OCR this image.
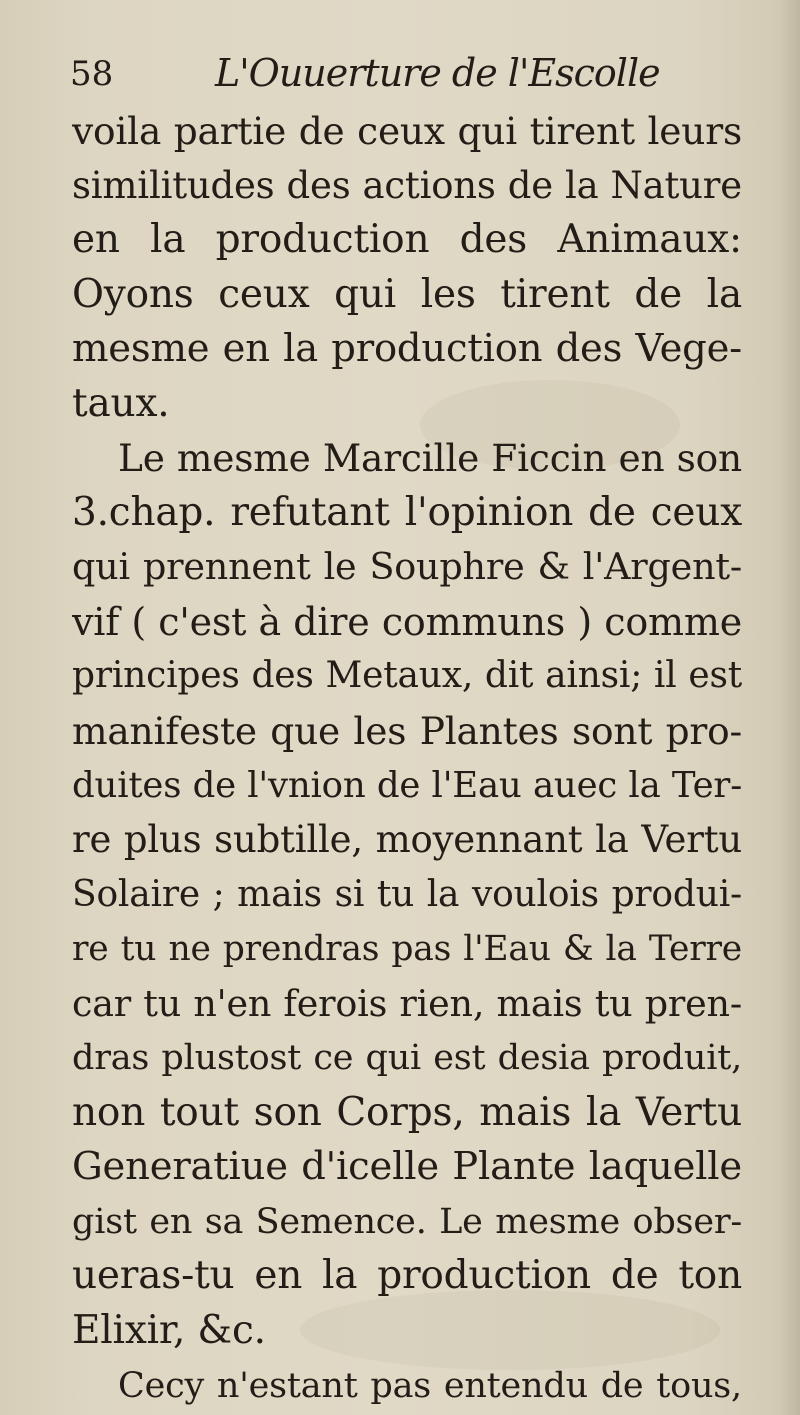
58	L'Ouuerture de l'Escolle
voila partie de ceux qui tirent leurs
similitudes des actions de la Nature
en la production des Animaux:
Oyons ceux qui les tirent de la
mesme en la production des Vege-
taux.
Le mesme Marcille Ficcin en son
3.chap. refutant l'opinion de ceux
qui prennent le Souphre & l'Argent-
vif ( c'est à dire communs ) comme
principes des Metaux, dit ainsi; il est
manifeste que les Plantes sont pro-
duites de l'vnion de l'Eau auec la Ter-
re plus subtille, moyennant la Vertu
Solaire ; mais si tu la voulois produi-
re tu ne prendras pas l'Eau & la Terre
car tu n'en ferois rien, mais tu pren-
dras plustost ce qui est desia produit,
non tout son Corps, mais la Vertu
Generatiue d'icelle Plante laquelle
gist en sa Semence. Le mesme obser-
ueras-tu en la production de ton
Elixir, &c.
Cecy n'estant pas entendu de tous,
